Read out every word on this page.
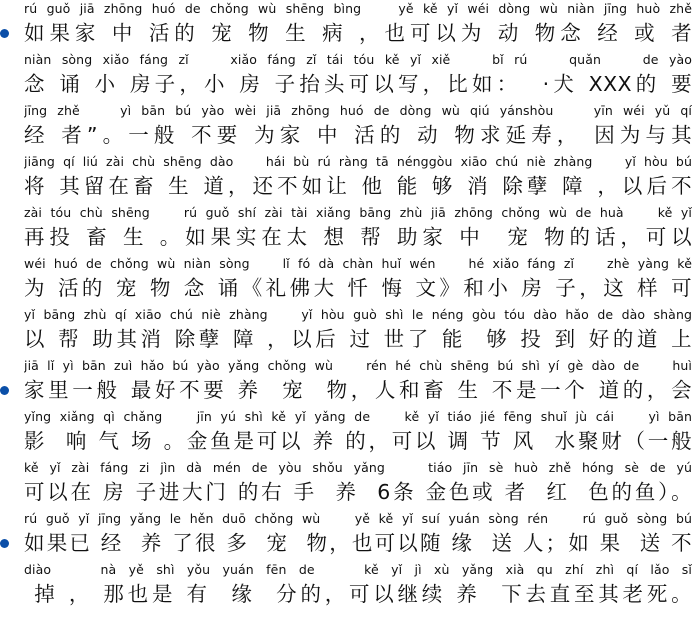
rú guǒ jiā zhōng huó de chǒng wù shēng bìng    yě kě yǐ wéi dòng wù niàn jīng huò zhě
如果家 中 活的 宠 物 生 病 ，也可以为 动 物念 经 或 者
niàn sòng xiǎo fáng zǐ    xiǎo fáng zǐ tái tóu kě yǐ xiě    bǐ rú    quǎn    de yào
念 诵 小 房子，小 房 子抬头可以写，比如：  ·犬 XXX的 要
jīng zhě    yì bān bú yào wèi jiā zhōng huó de dòng wù qiú yánshòu    yīn wéi yǔ qí
经 者”。一般 不要 为家 中 活的 动 物求延寿， 因为与其
jiāng qí liú zài chù shēng dào    hái bù rú ràng tā nénggòu xiāo chú niè zhàng    yǐ hòu bú
将 其留在畜 生 道，还不如让 他 能 够 消 除孽 障 ，以后不
zài tóu chù shēng    rú guǒ shí zài tài xiǎng bāng zhù jiā zhōng chǒng wù de huà    kě yǐ
再投 畜 生 。如果实在太 想 帮 助家 中  宠 物的话，可以
wéi huó de chǒng wù niàn sòng    lǐ fó dà chàn huǐ wén    hé xiǎo fáng zǐ    zhè yàng kě
为 活的 宠 物 念 诵《礼佛大 忏 悔 文》和小 房 子，这 样 可
yǐ bāng zhù qí xiāo chú niè zhàng    yǐ hòu guò shì le néng gòu tóu dào hǎo de dào shàng
以 帮 助其消 除孽 障 ，以后 过 世了 能  够 投 到 好的道 上
jiā lǐ yì bān zuì hǎo bú yào yǎng chǒng wù    rén hé chù shēng bú shì yí gè dào de    huì
家里一般 最好不要 养  宠  物，人和畜 生 不是一个 道的，会
yǐng xiǎng qì chǎng    jīn yú shì kě yǐ yǎng de    kě yǐ tiáo jié fēng shuǐ jù cái    yì bān
影  响 气 场 。金鱼是可以 养 的，可以 调 节 风  水聚财（一般
kě yǐ zài fáng zi jìn dà mén de yòu shǒu yǎng    tiáo jīn sè huò zhě hóng sè de yú
可以在 房 子进大门 的右 手  养  6条 金色或 者  红  色的鱼）。
rú guǒ yǐ jīng yǎng le hěn duō chǒng wù    yě kě yǐ suí yuán sòng rén    rú guǒ sòng bú
如果已 经  养 了很 多  宠  物，也可以随 缘  送 人；如 果  送 不
diào    nà yě shì yǒu yuán fēn de    kě yǐ jì xù yǎng xià qu zhí zhì qí lǎo sǐ
掉 ， 那也是 有  缘  分的，可以继续 养  下去直至其老死。
